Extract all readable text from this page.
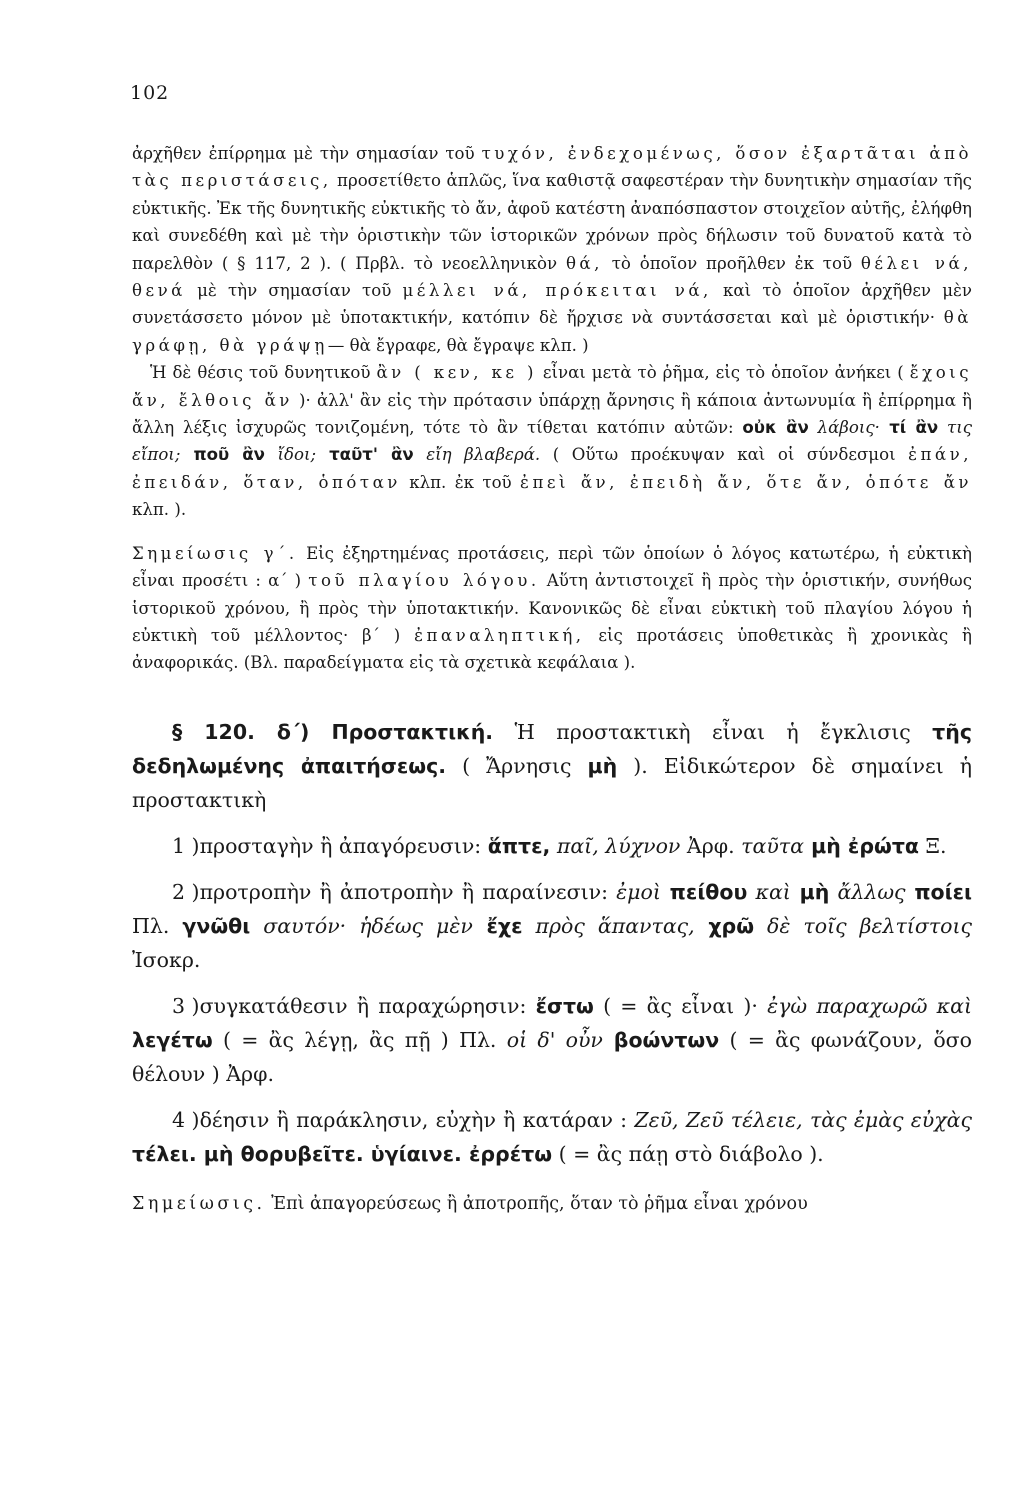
102

ἀρχῆθεν ἐπίρρημα μὲ τὴν σημασίαν τοῦ τυχόν, ἐνδεχομένως, ὅσον ἐξαρτᾶται ἀπὸ τὰς περιστάσεις, προσετίθετο ἁπλῶς, ἵνα καθιστᾷ σαφεστέραν τὴν δυνητικὴν σημασίαν τῆς εὐκτικῆς. Ἐκ τῆς δυνητικῆς εὐκτικῆς τὸ ἄν, ἀφοῦ κατέστη ἀναπόσπαστον στοιχεῖον αὐτῆς, ἐλήφθη καὶ συνεδέθη καὶ μὲ τὴν ὁριστικὴν τῶν ἱστορικῶν χρόνων πρὸς δήλωσιν τοῦ δυνατοῦ κατὰ τὸ παρελθὸν ( § 117, 2 ). ( Πρβλ. τὸ νεοελληνικὸν θά, τὸ ὁποῖον προῆλθεν ἐκ τοῦ θέλει νά, θενά μὲ τὴν σημασίαν τοῦ μέλλει νά, πρόκειται νά, καὶ τὸ ὁποῖον ἀρχῆθεν μὲν συνετάσσετο μόνον μὲ ὑποτακτικήν, κατόπιν δὲ ἤρχισε νὰ συντάσσεται καὶ μὲ ὁριστικήν· θὰ γράφῃ, θὰ γράψῃ— θὰ ἔγραφε, θὰ ἔγραψε κλπ. )

Ἡ δὲ θέσις τοῦ δυνητικοῦ ἂν ( κεν, κε ) εἶναι μετὰ τὸ ῥῆμα, εἰς τὸ ὁποῖον ἀνήκει ( ἔχοις ἄν, ἔλθοις ἄν )· ἀλλ' ἂν εἰς τὴν πρότασιν ὑπάρχῃ ἄρνησις ἢ κάποια ἀντωνυμία ἢ ἐπίρρημα ἢ ἄλλη λέξις ἰσχυρῶς τονιζομένη, τότε τὸ ἂν τίθεται κατόπιν αὐτῶν: οὐκ ἂν λάβοις· τί ἂν τις εἴποι; ποῦ ἂν ἴδοι; ταῦτ' ἂν εἴη βλαβερά. ( Οὕτω προέκυψαν καὶ οἱ σύνδεσμοι ἐπάν, ἐπειδάν, ὅταν, ὁπόταν κλπ. ἐκ τοῦ ἐπεὶ ἄν, ἐπειδὴ ἄν, ὅτε ἄν, ὁπότε ἄν κλπ. ).

Σημείωσις γ΄. Εἰς ἐξηρτημένας προτάσεις, περὶ τῶν ὁποίων ὁ λόγος κατωτέρω, ἡ εὐκτικὴ εἶναι προσέτι : α΄ ) τοῦ πλαγίου λόγου. Αὕτη ἀντιστοιχεῖ ἢ πρὸς τὴν ὁριστικήν, συνήθως ἱστορικοῦ χρόνου, ἢ πρὸς τὴν ὑποτακτικήν. Κανονικῶς δὲ εἶναι εὐκτικὴ τοῦ πλαγίου λόγου ἡ εὐκτικὴ τοῦ μέλλοντος· β΄ ) ἐπαναληπτική, εἰς προτάσεις ὑποθετικὰς ἢ χρονικὰς ἢ ἀναφορικάς. (Βλ. παραδείγματα εἰς τὰ σχετικὰ κεφάλαια ).

§ 120. δ΄) Προστακτική. Ἡ προστακτικὴ εἶναι ἡ ἔγκλισις τῆς δεδηλωμένης ἀπαιτήσεως. ( Ἄρνησις μὴ ). Εἰδικώτερον δὲ σημαίνει ἡ προστακτικὴ
1 )προσταγὴν ἢ ἀπαγόρευσιν: ἅπτε, παῖ, λύχνον Ἀρφ. ταῦτα μὴ ἐρώτα Ξ.
2 )προτροπὴν ἢ ἀποτροπὴν ἢ παραίνεσιν: ἐμοὶ πείθου καὶ μὴ ἄλλως ποίει Πλ. γνῶθι σαυτόν· ἡδέως μὲν ἔχε πρὸς ἅπαντας, χρῶ δὲ τοῖς βελτίστοις Ἰσοκρ.
3 )συγκατάθεσιν ἢ παραχώρησιν: ἔστω ( = ἂς εἶναι )· ἐγὼ παραχωρῶ καὶ λεγέτω ( = ἂς λέγῃ, ἂς πῇ ) Πλ. οἱ δ' οὖν βοώντων ( = ἂς φωνάζουν, ὅσο θέλουν ) Ἀρφ.
4 )δέησιν ἢ παράκλησιν, εὐχὴν ἢ κατάραν : Ζεῦ, Ζεῦ τέλειε, τὰς ἐμὰς εὐχὰς τέλει. μὴ θορυβεῖτε. ὑγίαινε. ἐρρέτω ( = ἂς πάῃ στὸ διάβολο ).
Σημείωσις. Ἐπὶ ἀπαγορεύσεως ἢ ἀποτροπῆς, ὅταν τὸ ῥῆμα εἶναι χρόνου
